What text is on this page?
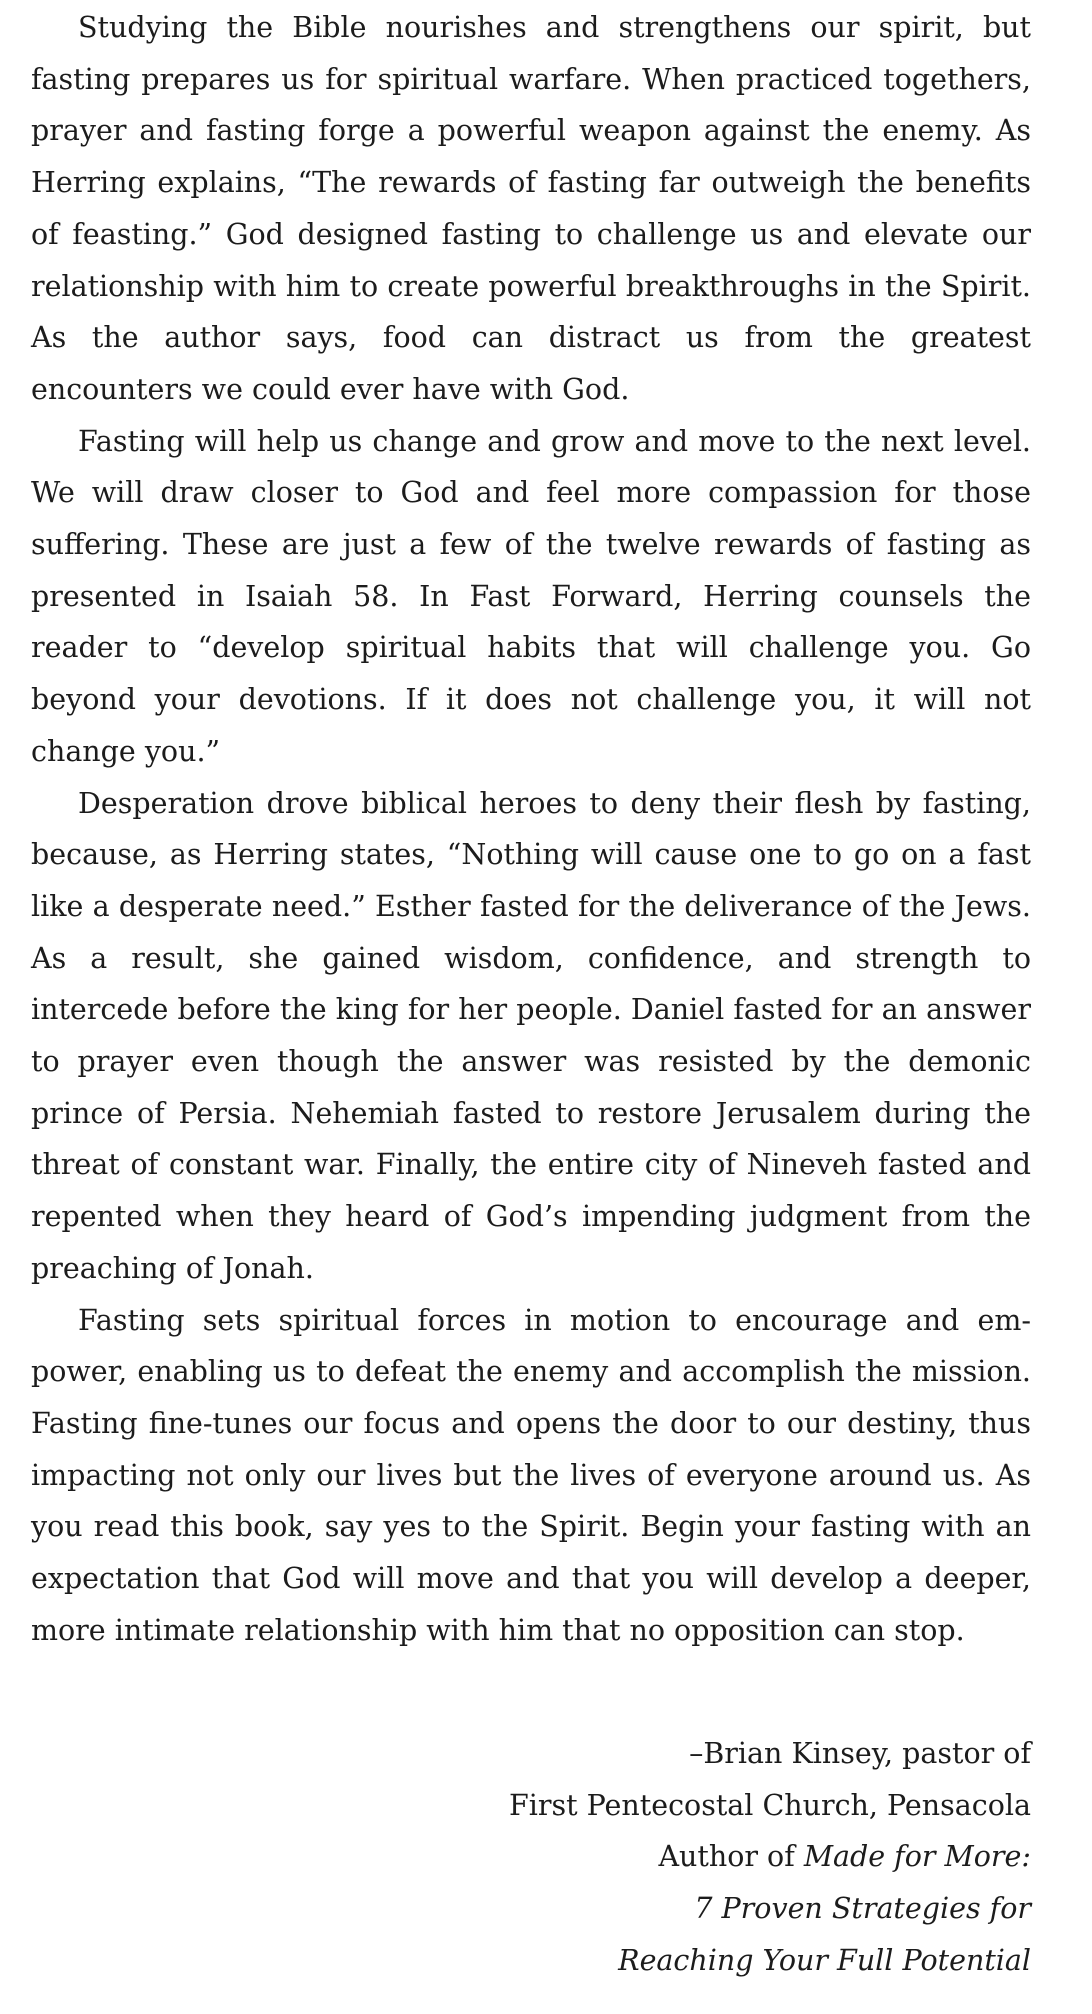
Studying the Bible nourishes and strengthens our spirit, but fasting prepares us for spiritual warfare. When practiced togethers, prayer and fasting forge a powerful weapon against the enemy. As Herring explains, “The rewards of fasting far outweigh the benefits of feasting.” God designed fasting to challenge us and elevate our relationship with him to create powerful breakthroughs in the Spirit. As the author says, food can distract us from the greatest encounters we could ever have with God.

Fasting will help us change and grow and move to the next level. We will draw closer to God and feel more compassion for those suffering. These are just a few of the twelve rewards of fasting as presented in Isaiah 58. In Fast Forward, Herring counsels the reader to “develop spiritual habits that will challenge you. Go beyond your devotions. If it does not challenge you, it will not change you.”

Desperation drove biblical heroes to deny their flesh by fasting, because, as Herring states, “Nothing will cause one to go on a fast like a desperate need.” Esther fasted for the deliverance of the Jews. As a result, she gained wisdom, confidence, and strength to intercede before the king for her people. Daniel fasted for an answer to prayer even though the answer was resisted by the demonic prince of Persia. Nehemiah fasted to restore Jerusalem during the threat of constant war. Finally, the entire city of Nineveh fasted and repented when they heard of God’s impending judgment from the preaching of Jonah.

Fasting sets spiritual forces in motion to encourage and empower, enabling us to defeat the enemy and accomplish the mission. Fasting fine-tunes our focus and opens the door to our destiny, thus impacting not only our lives but the lives of everyone around us. As you read this book, say yes to the Spirit. Begin your fasting with an expectation that God will move and that you will develop a deeper, more intimate relationship with him that no opposition can stop.

–Brian Kinsey, pastor of
First Pentecostal Church, Pensacola
Author of Made for More:
7 Proven Strategies for
Reaching Your Full Potential
